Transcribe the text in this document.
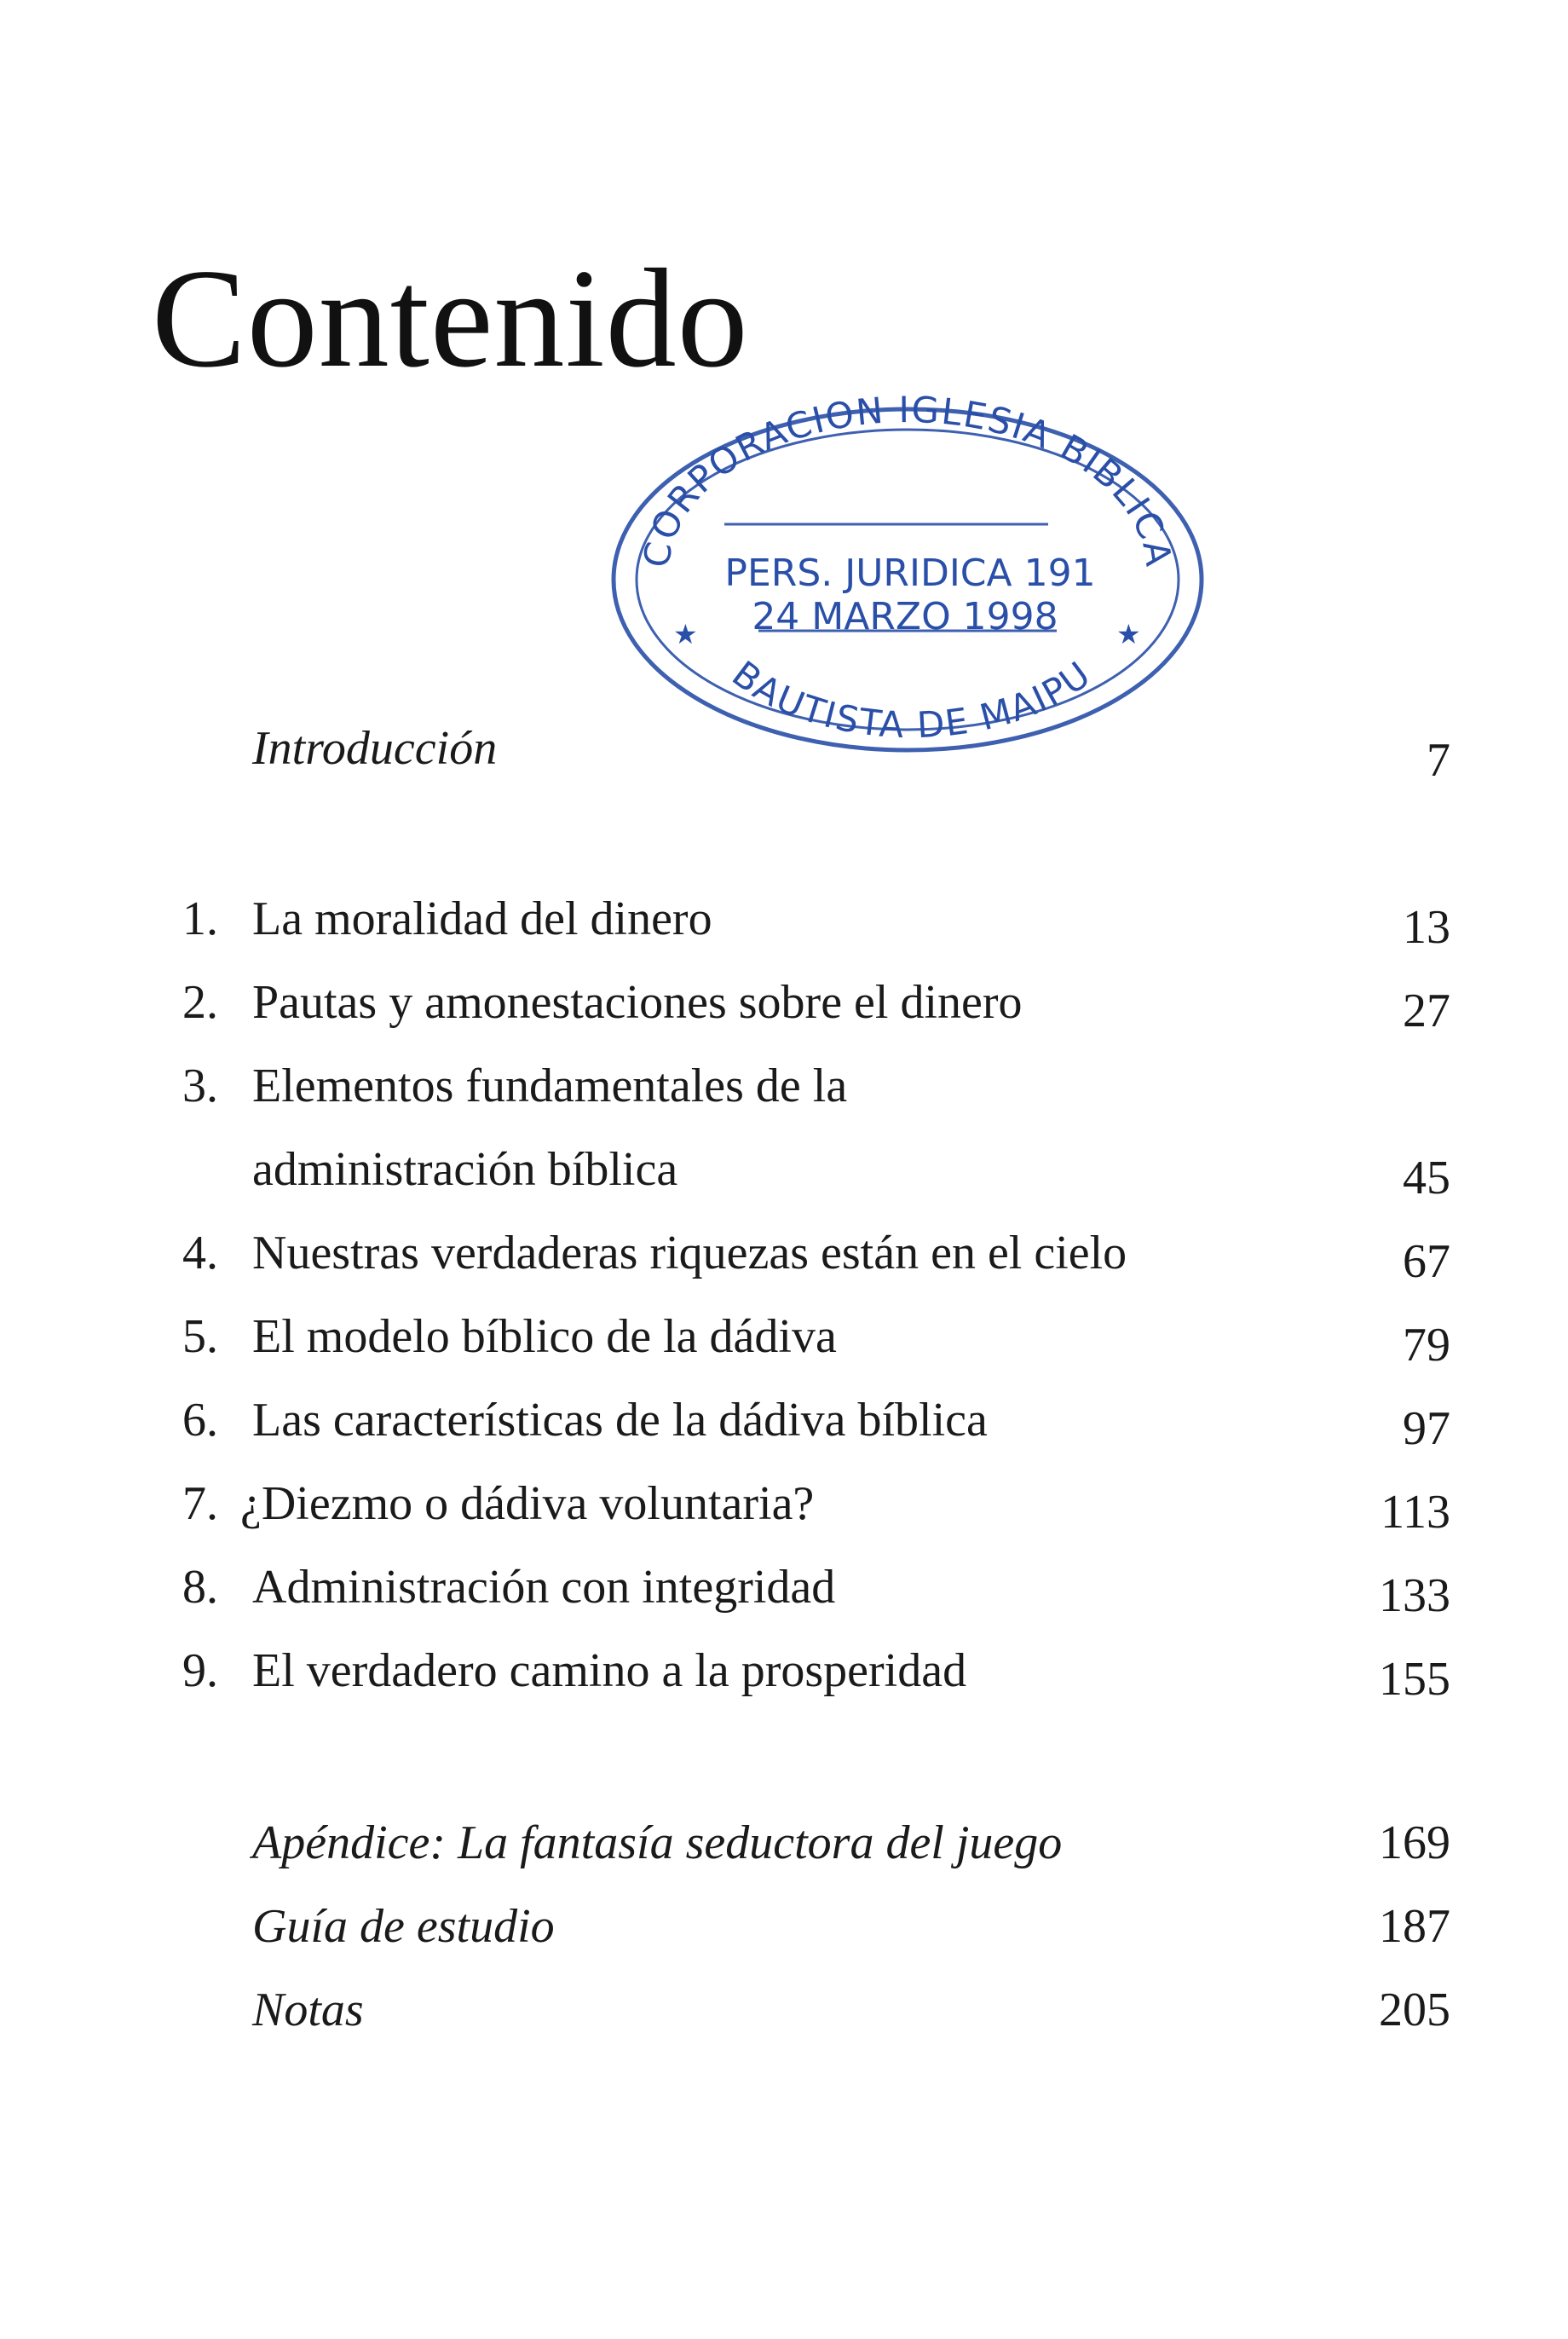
Contenido
CORPORACION IGLESIA BIBLICA
PERS. JURIDICA 191
24 MARZO 1998
★	★
BAUTISTA DE MAIPU
Introducción	7
1. La moralidad del dinero	13
2. Pautas y amonestaciones sobre el dinero	27
3. Elementos fundamentales de la
administración bíblica	45
4. Nuestras verdaderas riquezas están en el cielo	67
5. El modelo bíblico de la dádiva	79
6. Las características de la dádiva bíblica	97
7. ¿Diezmo o dádiva voluntaria?	113
8. Administración con integridad	133
9. El verdadero camino a la prosperidad	155
Apéndice: La fantasía seductora del juego	169
Guía de estudio	187
Notas	205
